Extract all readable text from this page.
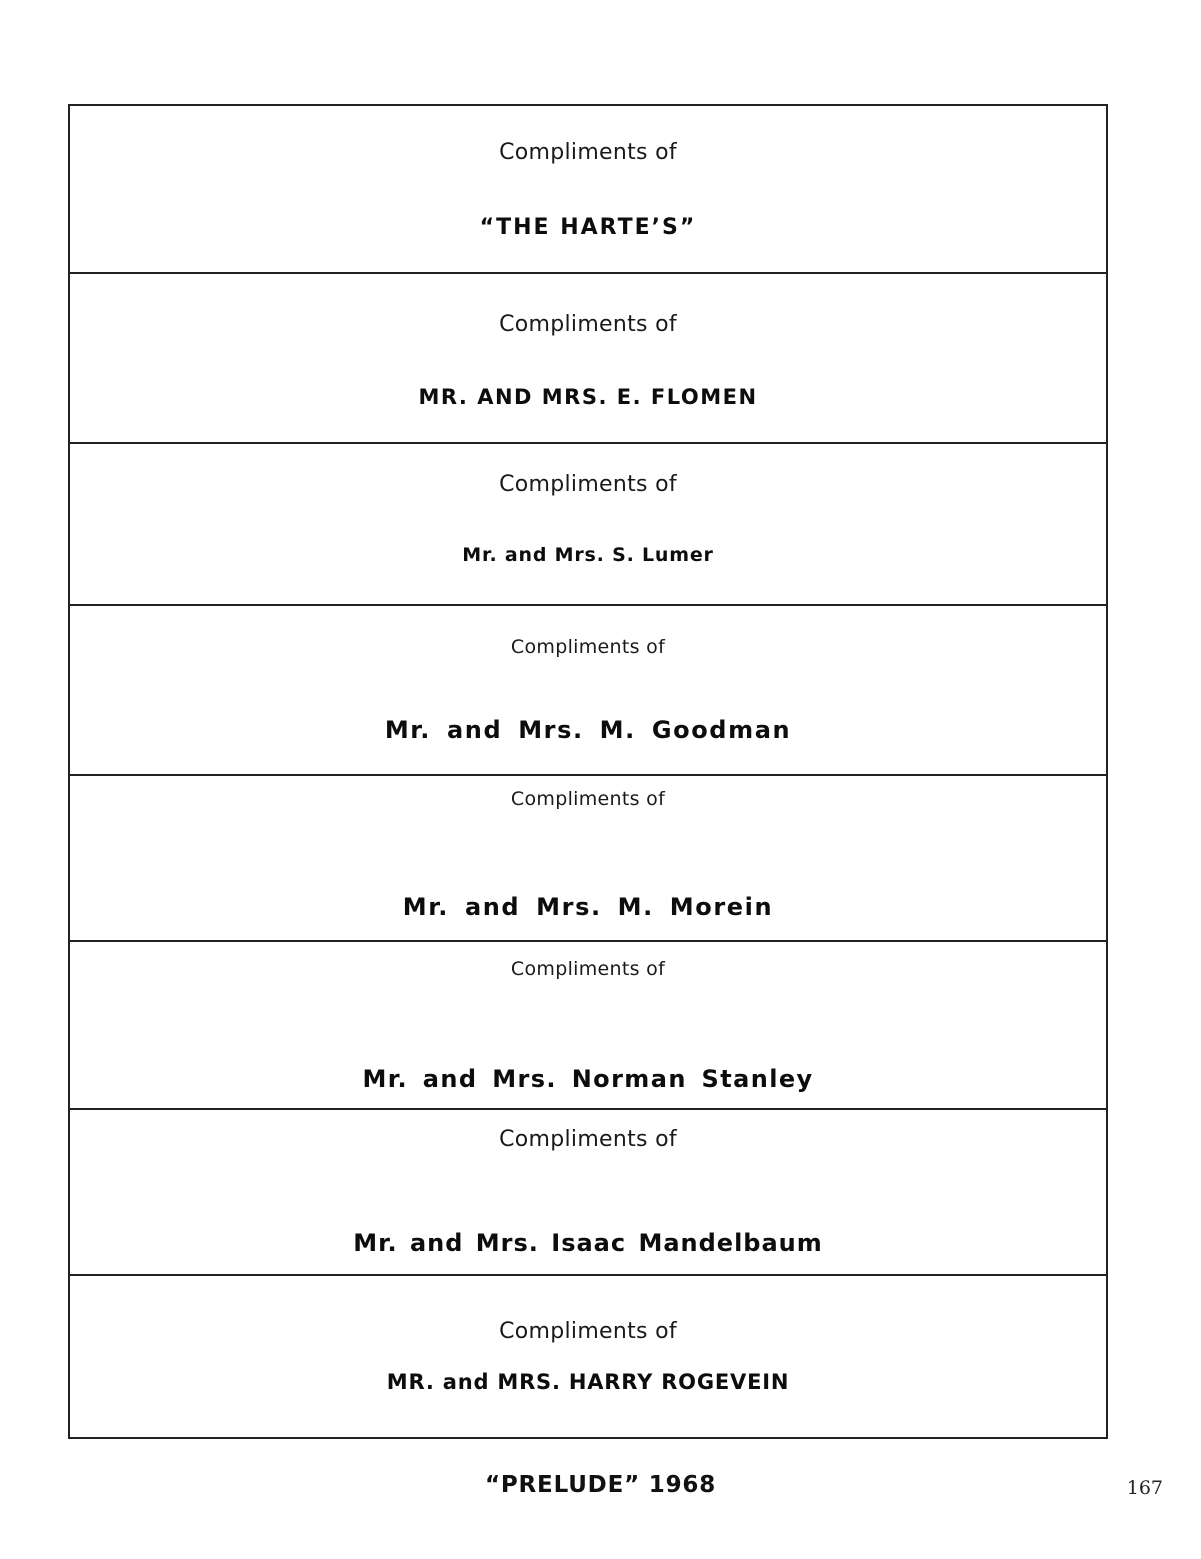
Compliments of
“THE HARTE’S”
Compliments of
MR. AND MRS. E. FLOMEN
Compliments of
Mr. and Mrs. S. Lumer
Compliments of
Mr. and Mrs. M. Goodman
Compliments of
Mr. and Mrs. M. Morein
Compliments of
Mr. and Mrs. Norman Stanley
Compliments of
Mr. and Mrs. Isaac Mandelbaum
Compliments of
MR. and MRS. HARRY ROGEVEIN
“PRELUDE” 1968	167
